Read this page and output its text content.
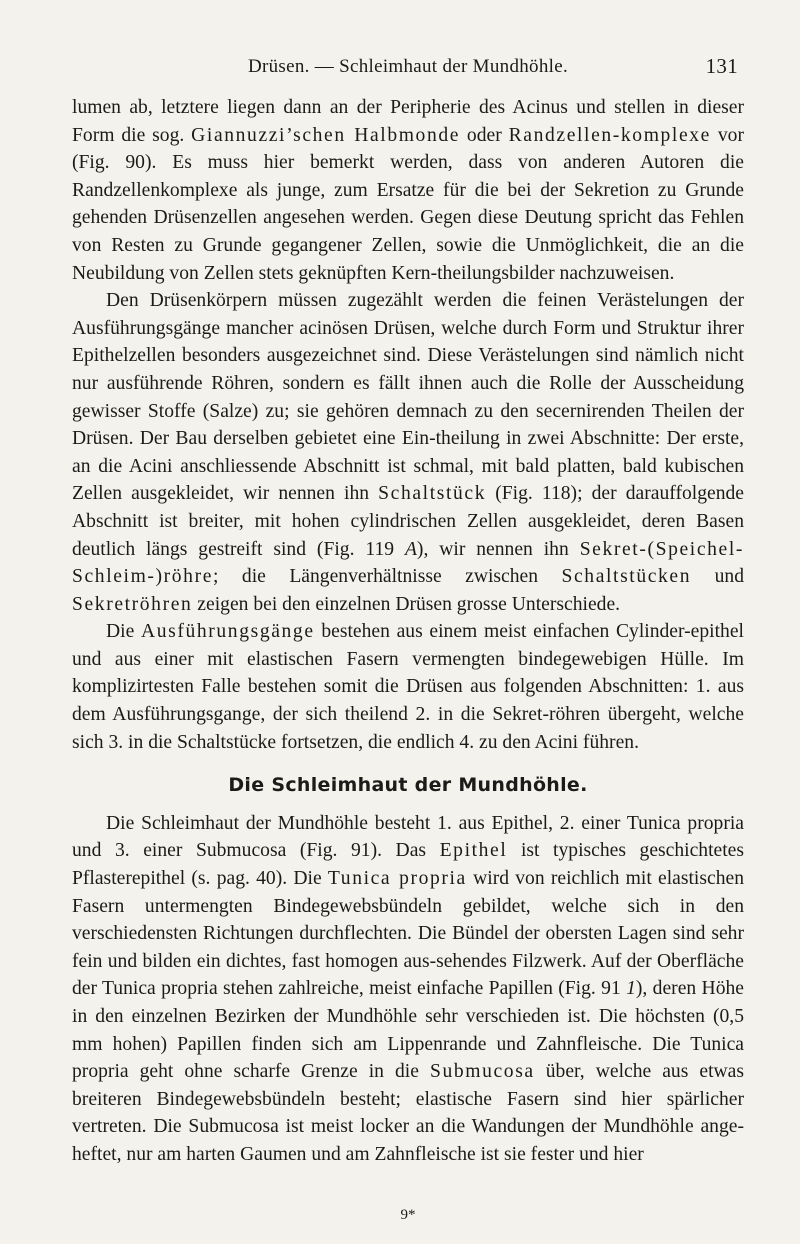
Drüsen. — Schleimhaut der Mundhöhle.	131

lumen ab, letztere liegen dann an der Peripherie des Acinus und stellen in dieser Form die sog. Giannuzzi’schen Halbmonde oder Randzellen-komplexe vor (Fig. 90). Es muss hier bemerkt werden, dass von anderen Autoren die Randzellenkomplexe als junge, zum Ersatze für die bei der Sekretion zu Grunde gehenden Drüsenzellen angesehen werden. Gegen diese Deutung spricht das Fehlen von Resten zu Grunde gegangener Zellen, sowie die Unmöglichkeit, die an die Neubildung von Zellen stets geknüpften Kern-theilungsbilder nachzuweisen.

Den Drüsenkörpern müssen zugezählt werden die feinen Verästelungen der Ausführungsgänge mancher acinösen Drüsen, welche durch Form und Struktur ihrer Epithelzellen besonders ausgezeichnet sind. Diese Verästelungen sind nämlich nicht nur ausführende Röhren, sondern es fällt ihnen auch die Rolle der Ausscheidung gewisser Stoffe (Salze) zu; sie gehören demnach zu den secernirenden Theilen der Drüsen. Der Bau derselben gebietet eine Ein-theilung in zwei Abschnitte: Der erste, an die Acini anschliessende Abschnitt ist schmal, mit bald platten, bald kubischen Zellen ausgekleidet, wir nennen ihn Schaltstück (Fig. 118); der darauffolgende Abschnitt ist breiter, mit hohen cylindrischen Zellen ausgekleidet, deren Basen deutlich längs gestreift sind (Fig. 119 A), wir nennen ihn Sekret-(Speichel-Schleim-)röhre; die Längenverhältnisse zwischen Schaltstücken und Sekretröhren zeigen bei den einzelnen Drüsen grosse Unterschiede.

Die Ausführungsgänge bestehen aus einem meist einfachen Cylinder-epithel und aus einer mit elastischen Fasern vermengten bindegewebigen Hülle. Im komplizirtesten Falle bestehen somit die Drüsen aus folgenden Abschnitten: 1. aus dem Ausführungsgange, der sich theilend 2. in die Sekret-röhren übergeht, welche sich 3. in die Schaltstücke fortsetzen, die endlich 4. zu den Acini führen.

Die Schleimhaut der Mundhöhle.

Die Schleimhaut der Mundhöhle besteht 1. aus Epithel, 2. einer Tunica propria und 3. einer Submucosa (Fig. 91). Das Epithel ist typisches geschichtetes Pflasterepithel (s. pag. 40). Die Tunica propria wird von reichlich mit elastischen Fasern untermengten Bindegewebsbündeln gebildet, welche sich in den verschiedensten Richtungen durchflechten. Die Bündel der obersten Lagen sind sehr fein und bilden ein dichtes, fast homogen aus-sehendes Filzwerk. Auf der Oberfläche der Tunica propria stehen zahlreiche, meist einfache Papillen (Fig. 91 1), deren Höhe in den einzelnen Bezirken der Mundhöhle sehr verschieden ist. Die höchsten (0,5 mm hohen) Papillen finden sich am Lippenrande und Zahnfleische. Die Tunica propria geht ohne scharfe Grenze in die Submucosa über, welche aus etwas breiteren Bindegewebsbündeln besteht; elastische Fasern sind hier spärlicher vertreten. Die Submucosa ist meist locker an die Wandungen der Mundhöhle ange-heftet, nur am harten Gaumen und am Zahnfleische ist sie fester und hier

9*
